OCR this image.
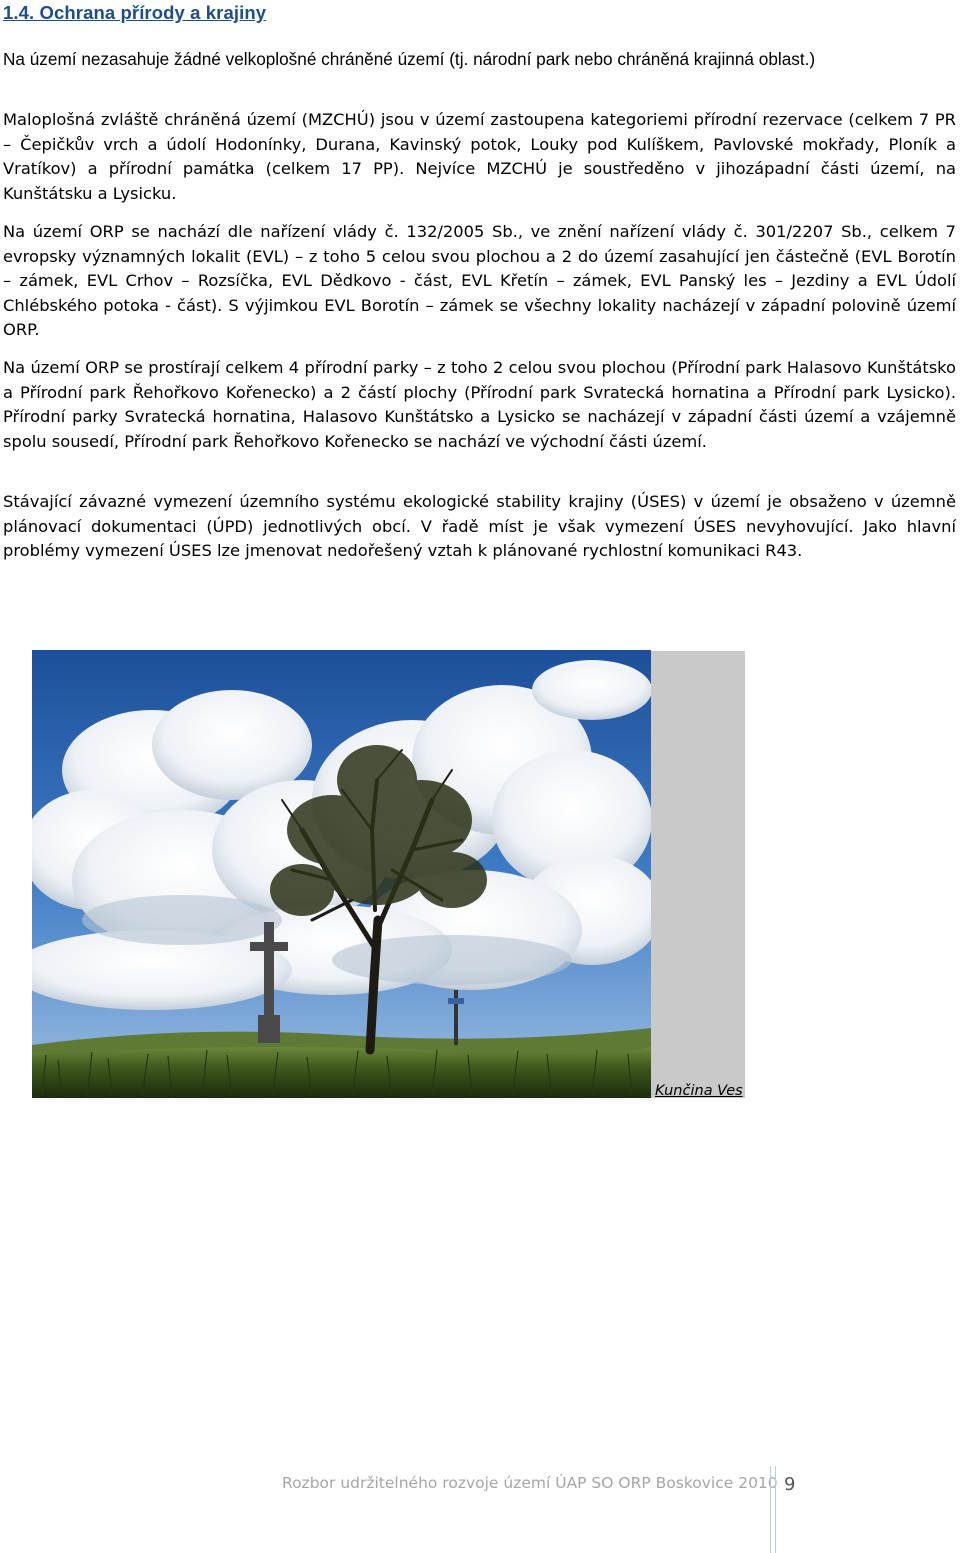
1.4. Ochrana přírody a krajiny

Na území nezasahuje žádné velkoplošné chráněné území (tj. národní park nebo chráněná krajinná oblast.)

Maloplošná zvláště chráněná území (MZCHÚ) jsou v území zastoupena kategoriemi přírodní rezervace (celkem 7 PR – Čepičkův vrch a údolí Hodonínky, Durana, Kavinský potok, Louky pod Kulíškem, Pavlovské mokřady, Ploník a Vratíkov) a přírodní památka (celkem 17 PP). Nejvíce MZCHÚ je soustředěno v jihozápadní části území, na Kunštátsku a Lysicku.

Na území ORP se nachází dle nařízení vlády č. 132/2005 Sb., ve znění nařízení vlády č. 301/2207 Sb., celkem 7 evropsky významných lokalit (EVL) – z toho 5 celou svou plochou a 2 do území zasahující jen částečně (EVL Borotín – zámek, EVL Crhov – Rozsíčka, EVL Dědkovo - část, EVL Křetín – zámek, EVL Panský les – Jezdiny a EVL Údolí Chlébského potoka - část). S výjimkou EVL Borotín – zámek se všechny lokality nacházejí v západní polovině území ORP.

Na území ORP se prostírají celkem 4 přírodní parky – z toho 2 celou svou plochou (Přírodní park Halasovo Kunštátsko a Přírodní park Řehořkovo Kořenecko) a 2 částí plochy (Přírodní park Svratecká hornatina a Přírodní park Lysicko). Přírodní parky Svratecká hornatina, Halasovo Kunštátsko a Lysicko se nacházejí v západní části území a vzájemně spolu sousedí, Přírodní park Řehořkovo Kořenecko se nachází ve východní části území.

Stávající závazné vymezení územního systému ekologické stability krajiny (ÚSES) v území je obsaženo v územně plánovací dokumentaci (ÚPD) jednotlivých obcí. V řadě míst je však vymezení ÚSES nevyhovující. Jako hlavní problémy vymezení ÚSES lze jmenovat nedořešený vztah k plánované rychlostní komunikaci R43.

Kunčina Ves
Rozbor udržitelného rozvoje území ÚAP SO ORP Boskovice 2010 9
